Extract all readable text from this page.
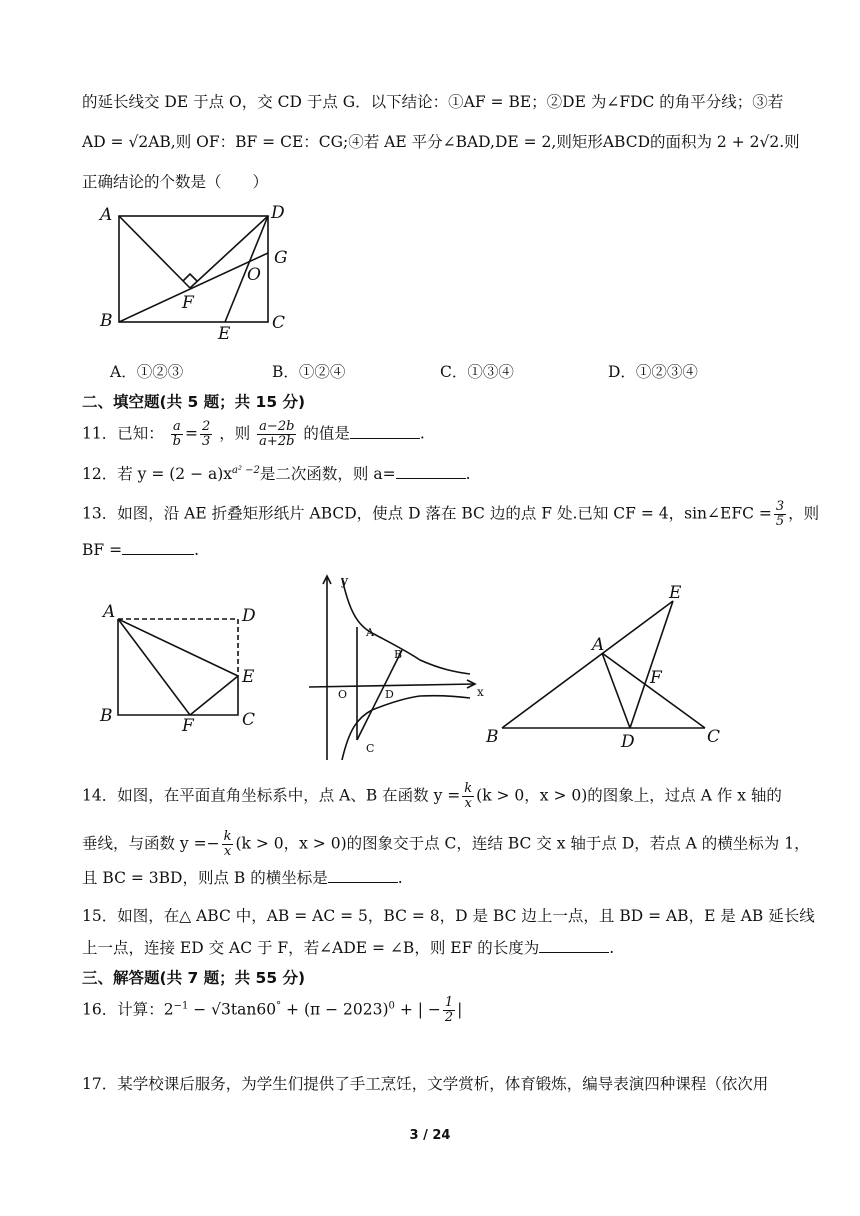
的延长线交 DE 于点 O，交 CD 于点 G．以下结论：①AF = BE；②DE 为∠FDC 的角平分线；③若
AD = √2AB,则 OF：BF = CE：CG;④若 AE 平分∠BAD,DE = 2,则矩形ABCD的面积为 2 + 2√2.则
正确结论的个数是（　　）
A	D
G
O
F
B
E
C
A．①②③	B．①②④	C．①③④	D．①②③④
二、填空题(共 5 题；共 15 分)
11．已知： $\frac{a}{b} = \frac{2}{3}$ ，则 $\frac{a-2b}{a+2b}$ 的值是	.
12．若 $y = (2 - a)x^{a^2 -2}$是二次函数，则 a=	.
13．如图，沿 AE 折叠矩形纸片 ABCD，使点 D 落在 BC 边的点 F 处.已知 CF = 4，sin∠EFC = $\frac{3}{5}$ ，则
BF =	.
A	D
E
B	F	C
y
A
B
O	D	x
C
E
A
F
B	D	C
14．如图，在平面直角坐标系中，点 A、B 在函数 $y = \frac{k}{x} (k > 0$，x > 0)的图象上，过点 A 作 x 轴的
垂线，与函数 $y =- \frac{k}{x} (k > 0$，x > 0)的图象交于点 C，连结 BC 交 x 轴于点 D，若点 A 的横坐标为 1，
且 BC = 3BD，则点 B 的横坐标是	.
15．如图，在△ ABC 中，AB = AC = 5，BC = 8，D 是 BC 边上一点，且 BD = AB，E 是 AB 延长线
上一点，连接 ED 交 AC 于 F，若∠ADE = ∠B，则 EF 的长度为	.
三、解答题(共 7 题；共 55 分)
16．计算：$2^{-1} - √3\tan 60^\circ + (\pi - 2023)^0$ + | − $\frac{1}{2}$ |
17．某学校课后服务，为学生们提供了手工烹饪，文学赏析，体育锻炼，编导表演四种课程（依次用
3 / 24
